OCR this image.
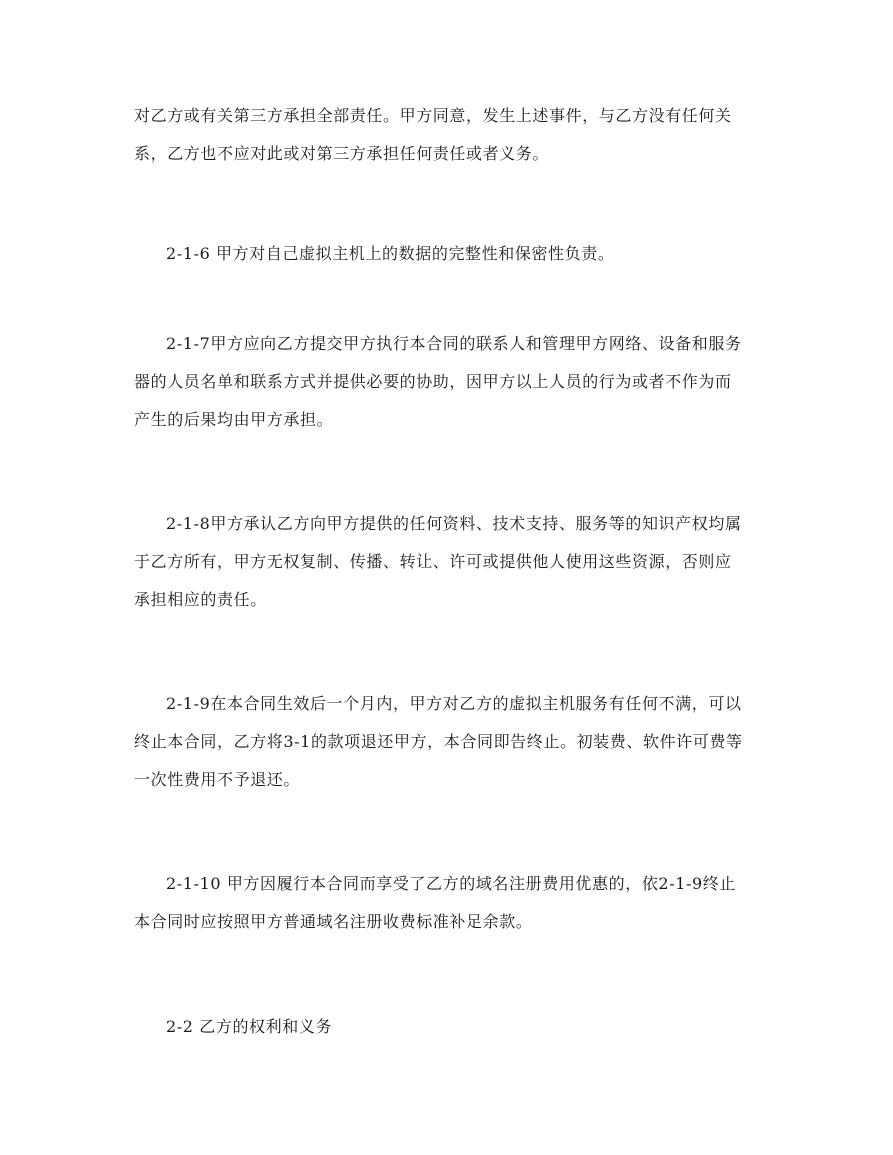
对乙方或有关第三方承担全部责任。甲方同意，发生上述事件，与乙方没有任何关
系，乙方也不应对此或对第三方承担任何责任或者义务。

2-1-6 甲方对自己虚拟主机上的数据的完整性和保密性负责。

2-1-7甲方应向乙方提交甲方执行本合同的联系人和管理甲方网络、设备和服务
器的人员名单和联系方式并提供必要的协助，因甲方以上人员的行为或者不作为而
产生的后果均由甲方承担。

2-1-8甲方承认乙方向甲方提供的任何资料、技术支持、服务等的知识产权均属
于乙方所有，甲方无权复制、传播、转让、许可或提供他人使用这些资源，否则应
承担相应的责任。

2-1-9在本合同生效后一个月内，甲方对乙方的虚拟主机服务有任何不满，可以
终止本合同，乙方将3-1的款项退还甲方，本合同即告终止。初装费、软件许可费等
一次性费用不予退还。

2-1-10 甲方因履行本合同而享受了乙方的域名注册费用优惠的，依2-1-9终止
本合同时应按照甲方普通域名注册收费标准补足余款。

2-2 乙方的权利和义务
